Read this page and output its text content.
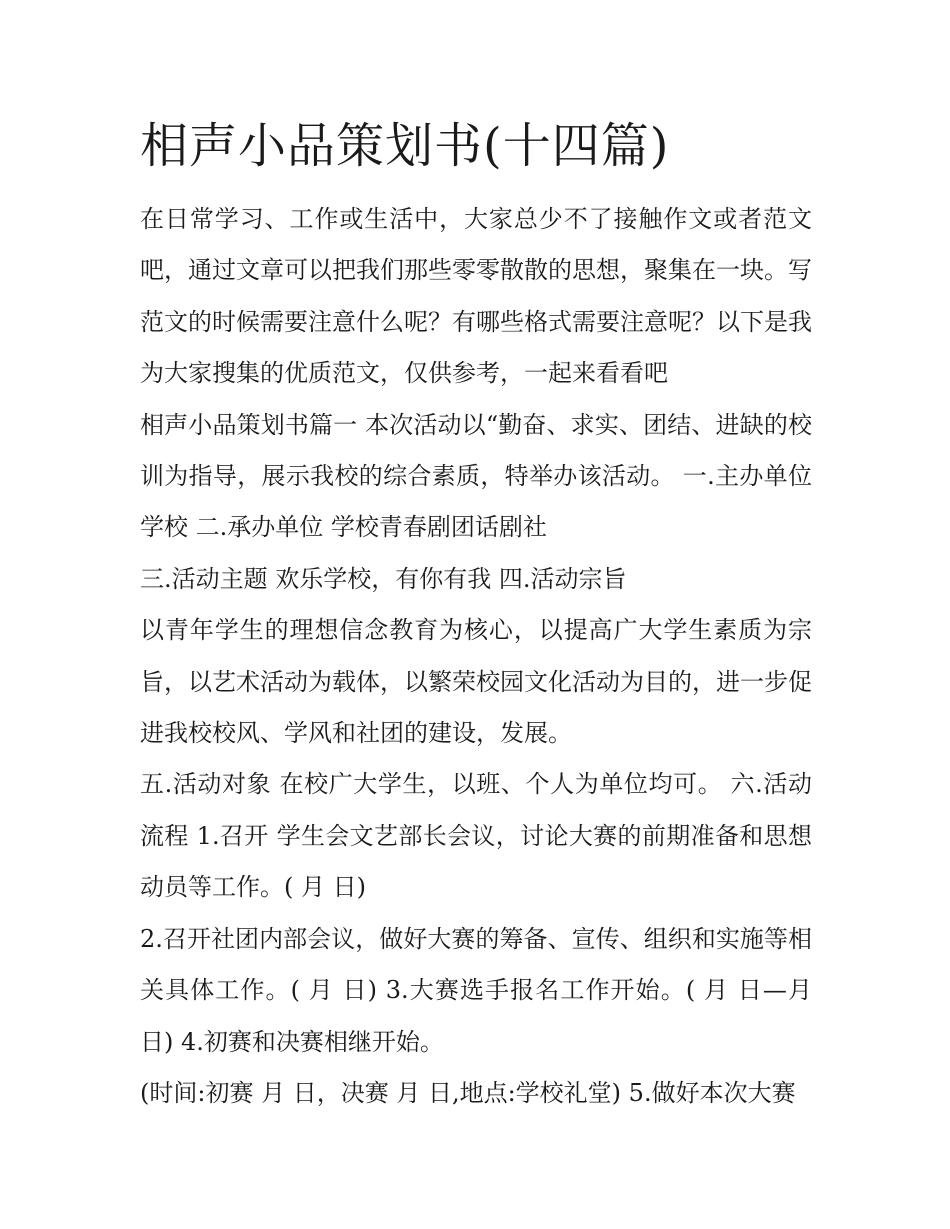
相声小品策划书(十四篇)

在日常学习、工作或生活中，大家总少不了接触作文或者范文吧，通过文章可以把我们那些零零散散的思想，聚集在一块。写范文的时候需要注意什么呢？有哪些格式需要注意呢？以下是我为大家搜集的优质范文，仅供参考，一起来看看吧

相声小品策划书篇一 本次活动以“勤奋、求实、团结、进缺的校训为指导，展示我校的综合素质，特举办该活动。 一.主办单位 学校 二.承办单位 学校青春剧团话剧社

三.活动主题 欢乐学校，有你有我 四.活动宗旨

以青年学生的理想信念教育为核心，以提高广大学生素质为宗旨，以艺术活动为载体，以繁荣校园文化活动为目的，进一步促进我校校风、学风和社团的建设，发展。

五.活动对象 在校广大学生，以班、个人为单位均可。 六.活动流程 1.召开 学生会文艺部长会议，讨论大赛的前期准备和思想动员等工作。( 月 日)

2.召开社团内部会议，做好大赛的筹备、宣传、组织和实施等相关具体工作。( 月 日) 3.大赛选手报名工作开始。( 月 日—月日) 4.初赛和决赛相继开始。

(时间:初赛 月 日，决赛 月 日,地点:学校礼堂) 5.做好本次大赛
